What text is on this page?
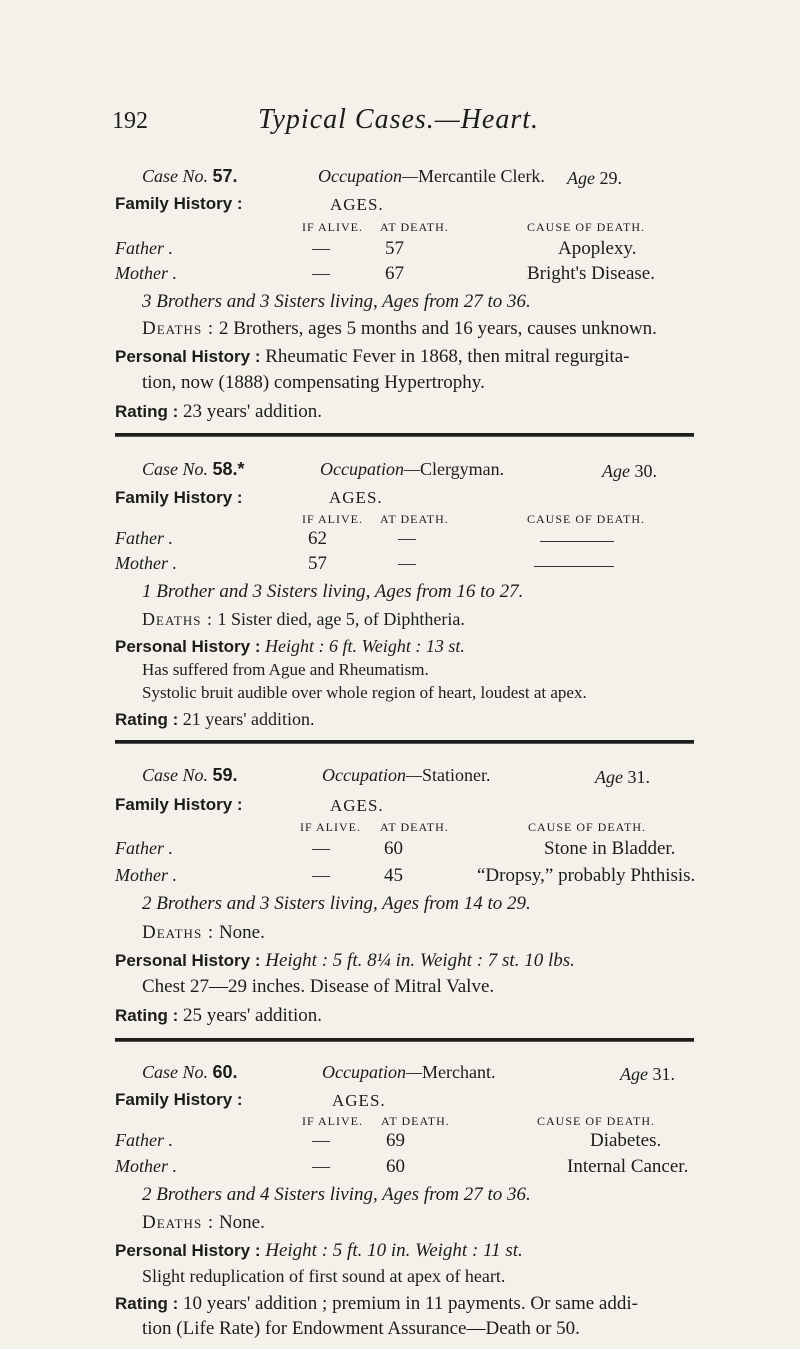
192	Typical Cases.—Heart.
Case No. 57.	Occupation—Mercantile Clerk. Age 29.
Family History :	AGES.
IF ALIVE. AT DEATH.	CAUSE OF DEATH.
Father .	—	57	Apoplexy.
Mother .	—	67	Bright's Disease.
3 Brothers and 3 Sisters living, Ages from 27 to 36.
Deaths : 2 Brothers, ages 5 months and 16 years, causes unknown.
Personal History : Rheumatic Fever in 1868, then mitral regurgita-
tion, now (1888) compensating Hypertrophy.
Rating : 23 years' addition.
Case No. 58.*	Occupation—Clergyman.	Age 30.
Family History :	AGES.
IF ALIVE. AT DEATH.	CAUSE OF DEATH.
Father .	62	—
Mother .	57	—
1 Brother and 3 Sisters living, Ages from 16 to 27.
Deaths : 1 Sister died, age 5, of Diphtheria.
Personal History : Height : 6 ft. Weight : 13 st.
Has suffered from Ague and Rheumatism.
Systolic bruit audible over whole region of heart, loudest at apex.
Rating : 21 years' addition.
Case No. 59.	Occupation—Stationer.	Age 31.
Family History :	AGES.
IF ALIVE. AT DEATH.	CAUSE OF DEATH.
Father .	—	60	Stone in Bladder.
Mother .	—	45	“Dropsy,” probably Phthisis.
2 Brothers and 3 Sisters living, Ages from 14 to 29.
Deaths : None.
Personal History : Height : 5 ft. 8¼ in. Weight : 7 st. 10 lbs.
Chest 27—29 inches. Disease of Mitral Valve.
Rating : 25 years' addition.
Case No. 60.	Occupation—Merchant.	Age 31.
Family History :	AGES.
IF ALIVE. AT DEATH.	CAUSE OF DEATH.
Father .	—	69	Diabetes.
Mother .	—	60	Internal Cancer.
2 Brothers and 4 Sisters living, Ages from 27 to 36.
Deaths : None.
Personal History : Height : 5 ft. 10 in. Weight : 11 st.
Slight reduplication of first sound at apex of heart.
Rating : 10 years' addition ; premium in 11 payments. Or same addi-
tion (Life Rate) for Endowment Assurance—Death or 50.
